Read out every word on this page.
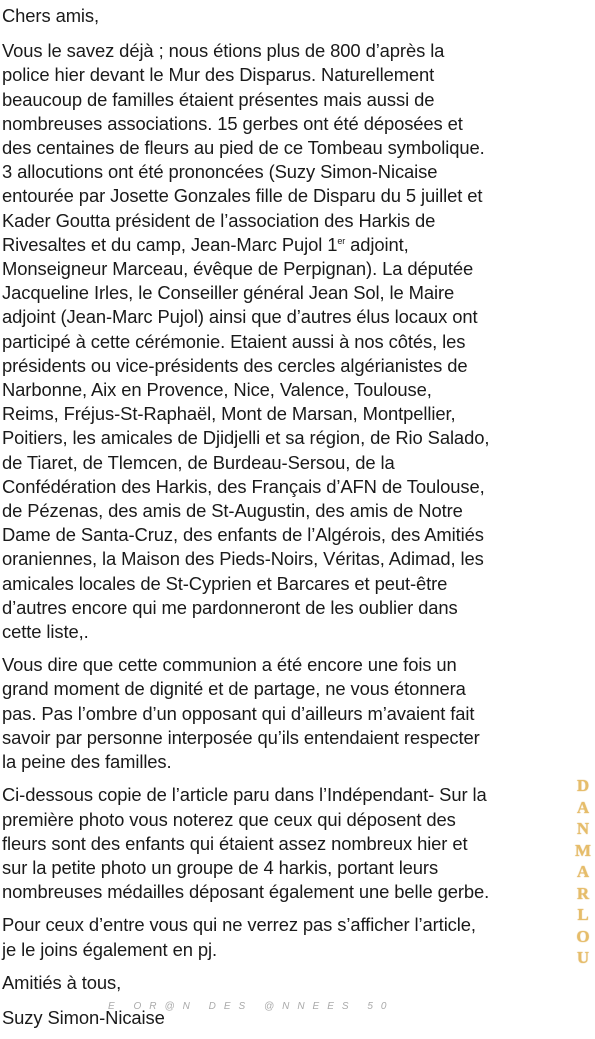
Chers amis,

Vous le savez déjà ; nous étions plus de 800 d’après la
police hier devant le Mur des Disparus. Naturellement
beaucoup de familles étaient présentes mais aussi de
nombreuses associations. 15 gerbes ont été déposées et
des centaines de fleurs au pied de ce Tombeau symbolique.
3 allocutions ont été prononcées (Suzy Simon-Nicaise
entourée par Josette Gonzales fille de Disparu du 5 juillet et
Kader Goutta président de l’association des Harkis de
Rivesaltes et du camp, Jean-Marc Pujol 1er adjoint,
Monseigneur Marceau, évêque de Perpignan). La députée
Jacqueline Irles, le Conseiller général Jean Sol, le Maire
adjoint (Jean-Marc Pujol) ainsi que d’autres élus locaux ont
participé à cette cérémonie. Etaient aussi à nos côtés, les
présidents ou vice-présidents des cercles algérianistes de
Narbonne, Aix en Provence, Nice, Valence, Toulouse,
Reims, Fréjus-St-Raphaël, Mont de Marsan, Montpellier,
Poitiers, les amicales de Djidjelli et sa région, de Rio Salado,
de Tiaret, de Tlemcen, de Burdeau-Sersou, de la
Confédération des Harkis, des Français d’AFN de Toulouse,
de Pézenas, des amis de St-Augustin, des amis de Notre
Dame de Santa-Cruz, des enfants de l’Algérois, des Amitiés
oraniennes, la Maison des Pieds-Noirs, Véritas, Adimad, les
amicales locales de St-Cyprien et Barcares et peut-être
d’autres encore qui me pardonneront de les oublier dans
cette liste,.

Vous dire que cette communion a été encore une fois un
grand moment de dignité et de partage, ne vous étonnera
pas. Pas l’ombre d’un opposant qui d’ailleurs m’avaient fait
savoir par personne interposée qu’ils entendaient respecter
la peine des familles.

Ci-dessous copie de l’article paru dans l’Indépendant- Sur la
première photo vous noterez que ceux qui déposent des
fleurs sont des enfants qui étaient assez nombreux hier et
sur la petite photo un groupe de 4 harkis, portant leurs
nombreuses médailles déposant également une belle gerbe.

Pour ceux d’entre vous qui ne verrez pas s’afficher l’article,
je le joins également en pj.

Amitiés à tous,

Suzy Simon-Nicaise

D
A
N
M
A
R
L
O
U
E OR@N DES @NNEES 50
